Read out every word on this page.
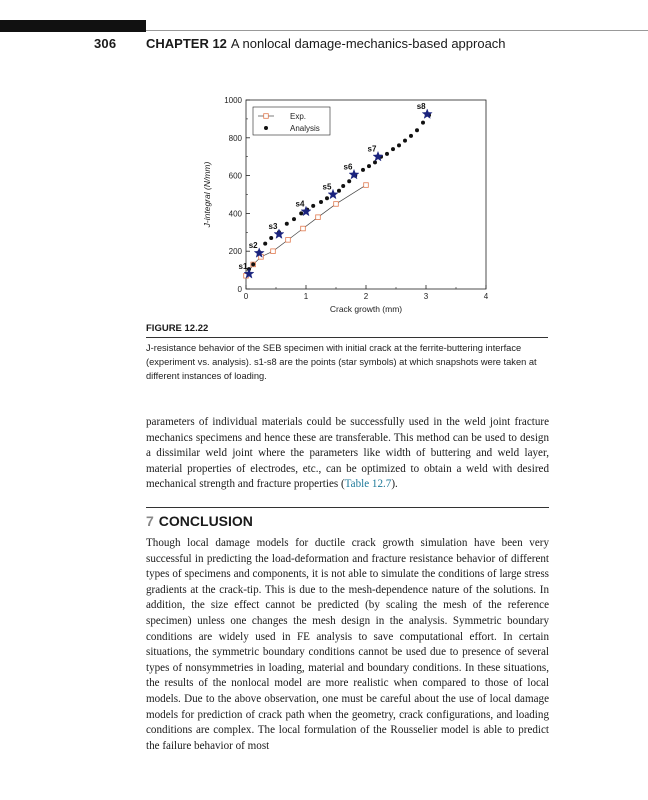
306 CHAPTER 12 A nonlocal damage-mechanics-based approach
0	1	2	3	4
0
200
400
600
800
1000
Crack growth (mm)
J-integral (N/mm)
s1
s2
s3
s4
s5
s6
s7
s8
Exp.
Analysis
FIGURE 12.22
J-resistance behavior of the SEB specimen with initial crack at the ferrite-buttering interface (experiment vs. analysis). s1-s8 are the points (star symbols) at which snapshots were taken at different instances of loading.
parameters of individual materials could be successfully used in the weld joint fracture mechanics specimens and hence these are transferable. This method can be used to design a dissimilar weld joint where the parameters like width of buttering and weld layer, material properties of electrodes, etc., can be optimized to obtain a weld with desired mechanical strength and fracture properties (Table 12.7).
7 CONCLUSION
Though local damage models for ductile crack growth simulation have been very successful in predicting the load-deformation and fracture resistance behavior of different types of specimens and components, it is not able to simulate the conditions of large stress gradients at the crack-tip. This is due to the mesh-dependence nature of the solutions. In addition, the size effect cannot be predicted (by scaling the mesh of the reference specimen) unless one changes the mesh design in the analysis. Symmetric boundary conditions are widely used in FE analysis to save computational effort. In certain situations, the symmetric boundary conditions cannot be used due to presence of several types of nonsymmetries in loading, material and boundary conditions. In these situations, the results of the nonlocal model are more realistic when compared to those of local models. Due to the above observation, one must be careful about the use of local damage models for prediction of crack path when the geometry, crack configurations, and loading conditions are complex. The local formulation of the Rousselier model is able to predict the failure behavior of most
